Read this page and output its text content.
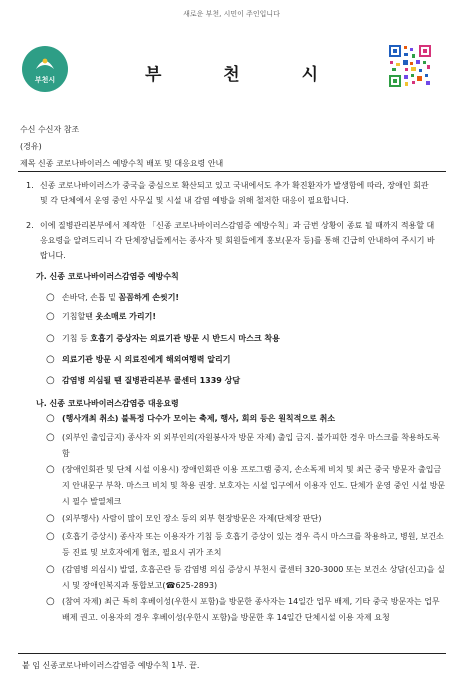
새로운 부천, 시민이 주인입니다
부천시	부 천 시
수신 수신자 참조
(경유)
제목 신종 코로나바이러스 예방수칙 배포 및 대응요령 안내
1. 신종 코로나바이러스가 중국을 중심으로 확산되고 있고 국내에서도 추가 확진환자가 발생함에 따라, 장애인 회관 및 각 단체에서 운영 중인 사무실 및 시설 내 감염 예방을 위해 철저한 대응이 필요합니다.
2. 이에 질병관리본부에서 제작한 「신종 코로나바이러스감염증 예방수칙」과 금번 상황이 종료 될 때까지 적용할 대응요령을 알려드리니 각 단체장님들께서는 종사자 및 회원들에게 홍보(문자 등)를 통해 긴급히 안내하여 주시기 바랍니다.
가. 신종 코로나바이러스감염증 예방수칙
○ 손바닥, 손톱 밑 꼼꼼하게 손씻기!
○ 기침할땐 옷소매로 가리기!
○ 기침 등 호흡기 증상자는 의료기관 방문 시 반드시 마스크 착용
○ 의료기관 방문 시 의료진에게 해외여행력 알리기
○ 감염병 의심될 땐 질병관리본부 콜센터 1339 상담
나. 신종 코로나바이러스감염증 대응요령
○ (행사개최 취소) 불특정 다수가 모이는 축제, 행사, 회의 등은 원칙적으로 취소
○ (외부인 출입금지) 종사자 외 외부인의(자원봉사자 방문 자제) 출입 금지. 불가피한 경우 마스크를 착용하도록 함
○ (장애인회관 및 단체 시설 이용시) 장애인회관 이용 프로그램 중지, 손소독제 비치 및 최근 중국 방문자 출입금지 안내문구 부착. 마스크 비치 및 착용 권장. 보호자는 시설 입구에서 이용자 인도. 단체가 운영 중인 시설 방문 시 필수 발열체크
○ (외부행사) 사람이 많이 모인 장소 등의 외부 현장방문은 자제(단체장 판단)
○ (호흡기 증상시) 종사자 또는 이용자가 기침 등 호흡기 증상이 있는 경우 즉시 마스크를 착용하고, 병원, 보건소 등 진료 및 보호자에게 협조, 필요시 귀가 조치
○ (감염병 의심시) 발열, 호흡곤란 등 감염병 의심 증상시 부천시 콜센터 320-3000 또는 보건소 상담(신고)을 실시 및 장애인복지과 통합보고(☎625-2893)
○ (참여 자제) 최근 특히 후베이성(우한시 포함)을 방문한 종사자는 14일간 업무 배제, 기타 중국 방문자는 업무배제 권고. 이용자의 경우 후베이성(우한시 포함)을 방문한 후 14일간 단체시설 이용 자제 요청
붙 임 신종코로나바이러스감염증 예방수칙 1부. 끝.
